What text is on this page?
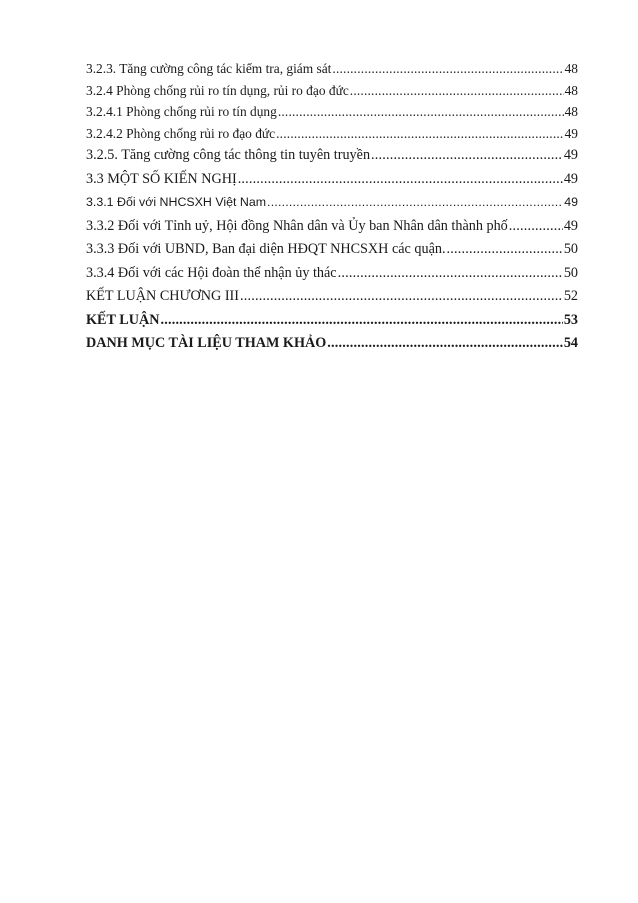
3.2.3. Tăng cường công tác kiểm tra, giám sát .....	48
3.2.4 Phòng chống rủi ro tín dụng, rủi ro đạo đức .....	48
3.2.4.1 Phòng chống rủi ro tín dụng .....	48
3.2.4.2 Phòng chống rủi ro đạo đức .....	49
3.2.5. Tăng cường công tác thông tin tuyên truyền .....	49
3.3 MỘT SỐ KIẾN NGHỊ .....	49
3.3.1 Đối với NHCSXH Việt Nam .....	49
3.3.2 Đối với Tỉnh uỷ, Hội đồng Nhân dân và Ủy ban Nhân dân thành phố .....	49
3.3.3 Đối với UBND, Ban đại diện HĐQT NHCSXH các quận. .....	50
3.3.4 Đối với các Hội đoàn thể nhận ủy thác .....	50
KẾT LUẬN CHƯƠNG III .....	52
KẾT LUẬN .....	53
DANH MỤC TÀI LIỆU THAM KHẢO .....	54
